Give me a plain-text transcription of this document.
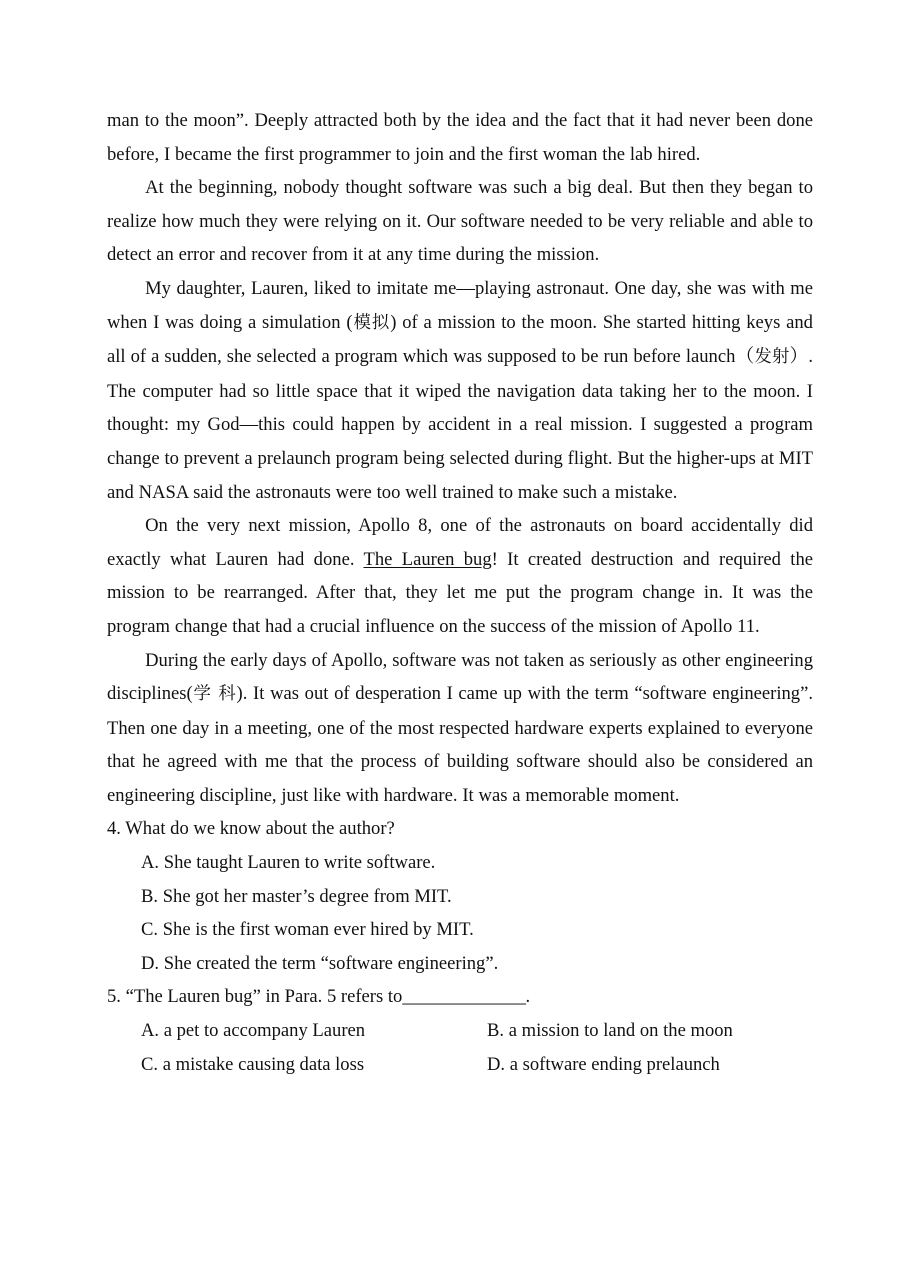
man to the moon”. Deeply attracted both by the idea and the fact that it had never been done before, I became the first programmer to join and the first woman the lab hired.

At the beginning, nobody thought software was such a big deal. But then they began to realize how much they were relying on it. Our software needed to be very reliable and able to detect an error and recover from it at any time during the mission.

My daughter, Lauren, liked to imitate me—playing astronaut. One day, she was with me when I was doing a simulation (模拟) of a mission to the moon. She started hitting keys and all of a sudden, she selected a program which was supposed to be run before launch（发射）. The computer had so little space that it wiped the navigation data taking her to the moon. I thought: my God—this could happen by accident in a real mission. I suggested a program change to prevent a prelaunch program being selected during flight. But the higher-ups at MIT and NASA said the astronauts were too well trained to make such a mistake.

On the very next mission, Apollo 8, one of the astronauts on board accidentally did exactly what Lauren had done. The Lauren bug! It created destruction and required the mission to be rearranged. After that, they let me put the program change in. It was the program change that had a crucial influence on the success of the mission of Apollo 11.

During the early days of Apollo, software was not taken as seriously as other engineering disciplines(学 科). It was out of desperation I came up with the term “software engineering”. Then one day in a meeting, one of the most respected hardware experts explained to everyone that he agreed with me that the process of building software should also be considered an engineering discipline, just like with hardware. It was a memorable moment.

4. What do we know about the author?

A. She taught Lauren to write software.

B. She got her master’s degree from MIT.

C. She is the first woman ever hired by MIT.

D. She created the term “software engineering”.

5. “The Lauren bug” in Para. 5 refers to______________.

A. a pet to accompany Lauren	B. a mission to land on the moon
C. a mistake causing data loss	D. a software ending prelaunch
